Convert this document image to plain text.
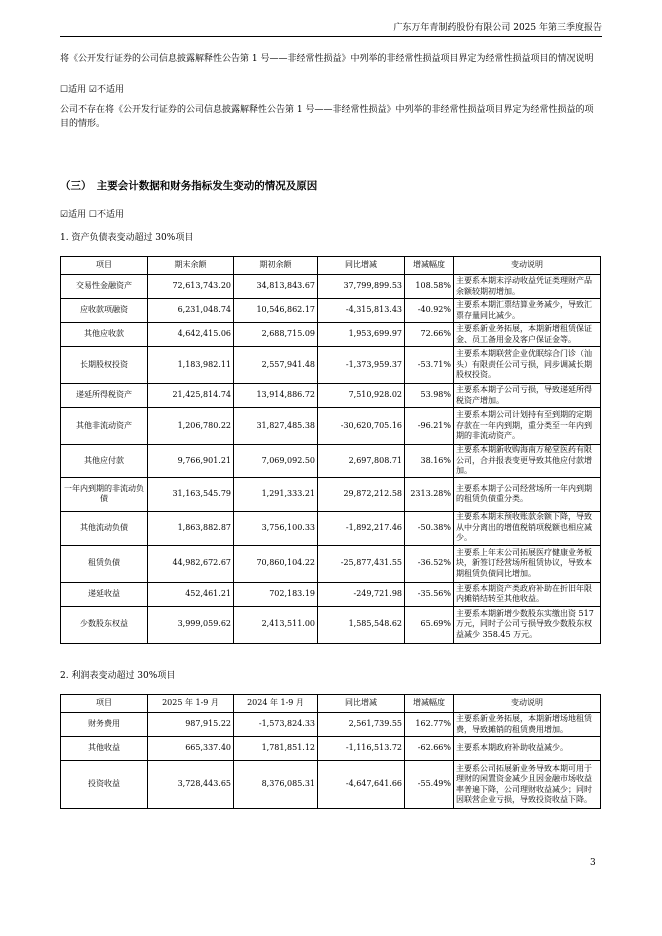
广东万年青制药股份有限公司 2025 年第三季度报告
将《公开发行证券的公司信息披露解释性公告第 1 号——非经常性损益》中列举的非经常性损益项目界定为经常性损益项目的情况说明
☐适用 ☑不适用
公司不存在将《公开发行证券的公司信息披露解释性公告第 1 号——非经常性损益》中列举的非经常性损益项目界定为经常性损益的项目的情形。
（三）　主要会计数据和财务指标发生变动的情况及原因
☑适用 ☐不适用
1. 资产负债表变动超过 30%项目
项目	期末余额	期初余额	同比增减	增减幅度	变动说明
交易性金融资产	72,613,743.20	34,813,843.67	37,799,899.53	108.58%	主要系本期末浮动收益凭证类理财产品余额较期初增加。
应收款项融资	6,231,048.74	10,546,862.17	-4,315,813.43	-40.92%	主要系本期汇票结算业务减少，导致汇票存量同比减少。
其他应收款	4,642,415.06	2,688,715.09	1,953,699.97	72.66%	主要系新业务拓展，本期新增租赁保证金、员工备用金及客户保证金等。
长期股权投资	1,183,982.11	2,557,941.48	-1,373,959.37	-53.71%	主要系本期联营企业优眠综合门诊（汕头）有限责任公司亏损，同步调减长期股权投资。
递延所得税资产	21,425,814.74	13,914,886.72	7,510,928.02	53.98%	主要系本期子公司亏损，导致递延所得税资产增加。
其他非流动资产	1,206,780.22	31,827,485.38	-30,620,705.16	-96.21%	主要系本期公司计划持有至到期的定期存款在一年内到期，重分类至一年内到期的非流动资产。
其他应付款	9,766,901.21	7,069,092.50	2,697,808.71	38.16%	主要系本期新收购海南万秘堂医药有限公司，合并报表变更导致其他应付款增加。
一年内到期的非流动负债	31,163,545.79	1,291,333.21	29,872,212.58	2313.28%	主要系本期子公司经营场所一年内到期的租赁负债重分类。
其他流动负债	1,863,882.87	3,756,100.33	-1,892,217.46	-50.38%	主要系本期末预收账款余额下降，导致从中分离出的增值税销项税额也相应减少。
租赁负债	44,982,672.67	70,860,104.22	-25,877,431.55	-36.52%	主要系上年末公司拓展医疗健康业务板块，新签订经营场所租赁协议，导致本期租赁负债同比增加。
递延收益	452,461.21	702,183.19	-249,721.98	-35.56%	主要系本期资产类政府补助在折旧年限内摊销结转至其他收益。
少数股东权益	3,999,059.62	2,413,511.00	1,585,548.62	65.69%	主要系本期新增少数股东实缴出资 517 万元，同时子公司亏损导致少数股东权益减少 358.45 万元。
2. 利润表变动超过 30%项目
项目	2025 年 1-9 月	2024 年 1-9 月	同比增减	增减幅度	变动说明
财务费用	987,915.22	-1,573,824.33	2,561,739.55	162.77%	主要系新业务拓展，本期新增场地租赁费，导致摊销的租赁费用增加。
其他收益	665,337.40	1,781,851.12	-1,116,513.72	-62.66%	主要系本期政府补助收益减少。
投资收益	3,728,443.65	8,376,085.31	-4,647,641.66	-55.49%	主要系公司拓展新业务导致本期可用于理财的闲置资金减少且因金融市场收益率普遍下降，公司理财收益减少；同时因联营企业亏损，导致投资收益下降。
3
